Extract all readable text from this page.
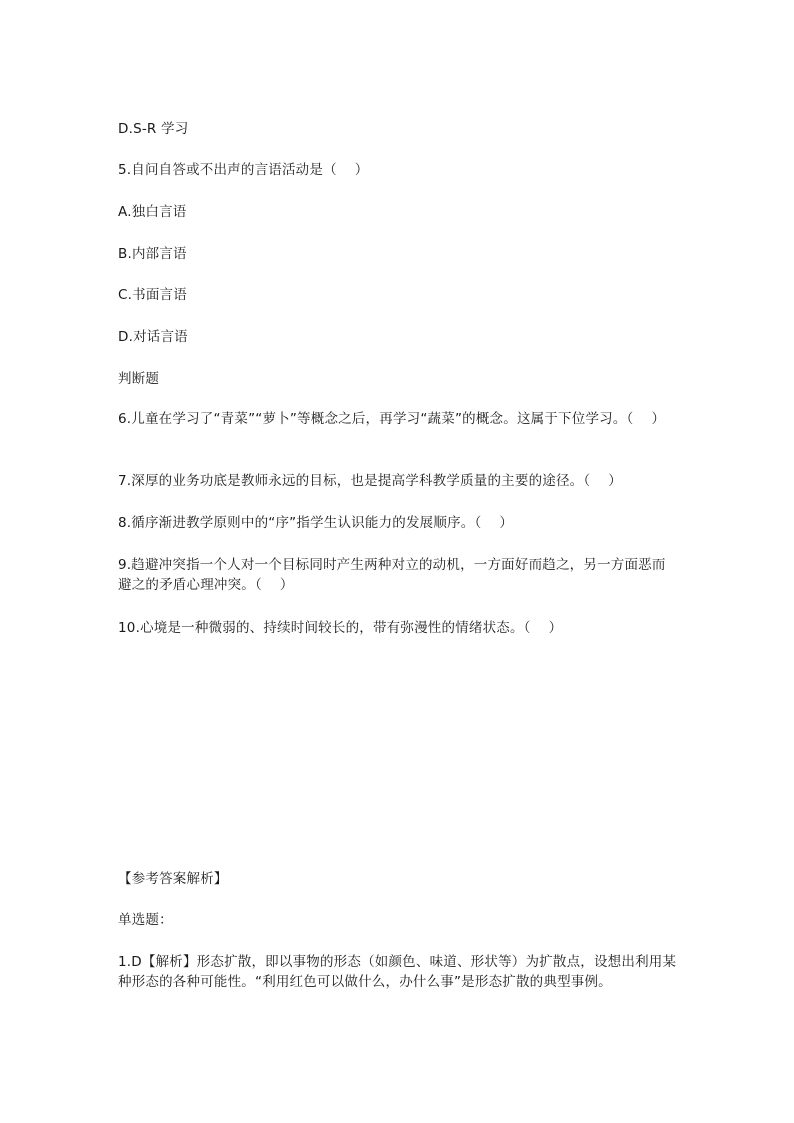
D.S-R 学习
5.自问自答或不出声的言语活动是（    ）
A.独白言语
B.内部言语
C.书面言语
D.对话言语
判断题
6.儿童在学习了“青菜”“萝卜”等概念之后，再学习“蔬菜”的概念。这属于下位学习。（    ）
7.深厚的业务功底是教师永远的目标，也是提高学科教学质量的主要的途径。（    ）
8.循序渐进教学原则中的“序”指学生认识能力的发展顺序。（    ）
9.趋避冲突指一个人对一个目标同时产生两种对立的动机，一方面好而趋之，另一方面恶而避之的矛盾心理冲突。（    ）
10.心境是一种微弱的、持续时间较长的，带有弥漫性的情绪状态。（    ）
【参考答案解析】
单选题：
1.D【解析】形态扩散，即以事物的形态（如颜色、味道、形状等）为扩散点，设想出利用某种形态的各种可能性。“利用红色可以做什么，办什么事”是形态扩散的典型事例。
